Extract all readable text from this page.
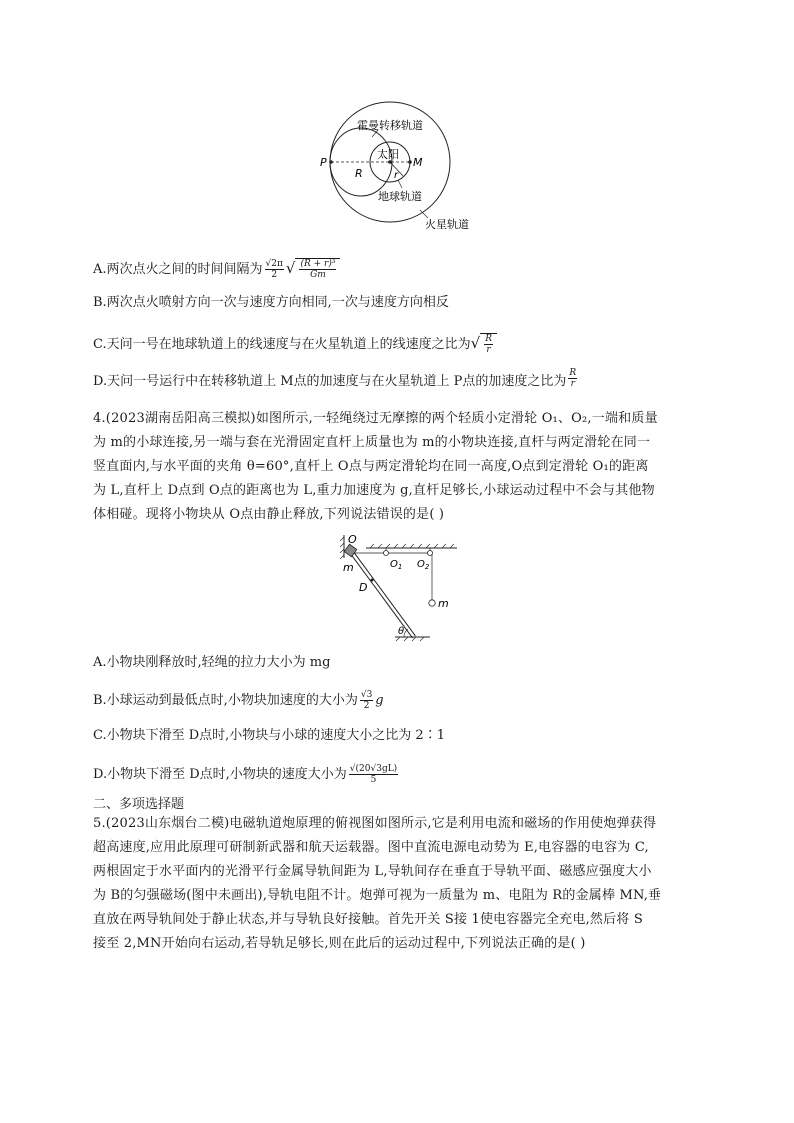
霍曼转移轨道
P
太阳
M
R	r
地球轨道
火星轨道
A.两次点火之间的时间间隔为 $\frac{√2\pi}{2}$ √ $\frac{\text{(R + r)³}}{Gm}$
B.两次点火喷射方向一次与速度方向相同,一次与速度方向相反
C.天问一号在地球轨道上的线速度与在火星轨道上的线速度之比为√ $\frac{R}{r}$
D.天问一号运行中在转移轨道上 M点的加速度与在火星轨道上 P点的加速度之比为 $\frac{R}{r}$
4.(2023湖南岳阳高三模拟)如图所示,一轻绳绕过无摩擦的两个轻质小定滑轮 O₁、O₂,一端和质量
为 m的小球连接,另一端与套在光滑固定直杆上质量也为 m的小物块连接,直杆与两定滑轮在同一
竖直面内,与水平面的夹角 θ=60°,直杆上 O点与两定滑轮均在同一高度,O点到定滑轮 O₁的距离
为 L,直杆上 D点到 O点的距离也为 L,重力加速度为 g,直杆足够长,小球运动过程中不会与其他物
体相碰。现将小物块从 O点由静止释放,下列说法错误的是( )
O
m
D
$O_1$ $O_2$
m
θ
A.小物块刚释放时,轻绳的拉力大小为 mg
B.小球运动到最低点时,小物块加速度的大小为 $\frac{√3}{2}$ g
C.小物块下滑至 D点时,小物块与小球的速度大小之比为 2∶1
D.小物块下滑至 D点时,小物块的速度大小为 $\frac{√(20√3gL)}{5}$
二、多项选择题
5.(2023山东烟台二模)电磁轨道炮原理的俯视图如图所示,它是利用电流和磁场的作用使炮弹获得
超高速度,应用此原理可研制新武器和航天运载器。图中直流电源电动势为 E,电容器的电容为 C,
两根固定于水平面内的光滑平行金属导轨间距为 L,导轨间存在垂直于导轨平面、磁感应强度大小
为 B的匀强磁场(图中未画出),导轨电阻不计。炮弹可视为一质量为 m、电阻为 R的金属棒 MN,垂
直放在两导轨间处于静止状态,并与导轨良好接触。首先开关 S接 1使电容器完全充电,然后将 S
接至 2,MN开始向右运动,若导轨足够长,则在此后的运动过程中,下列说法正确的是( )
